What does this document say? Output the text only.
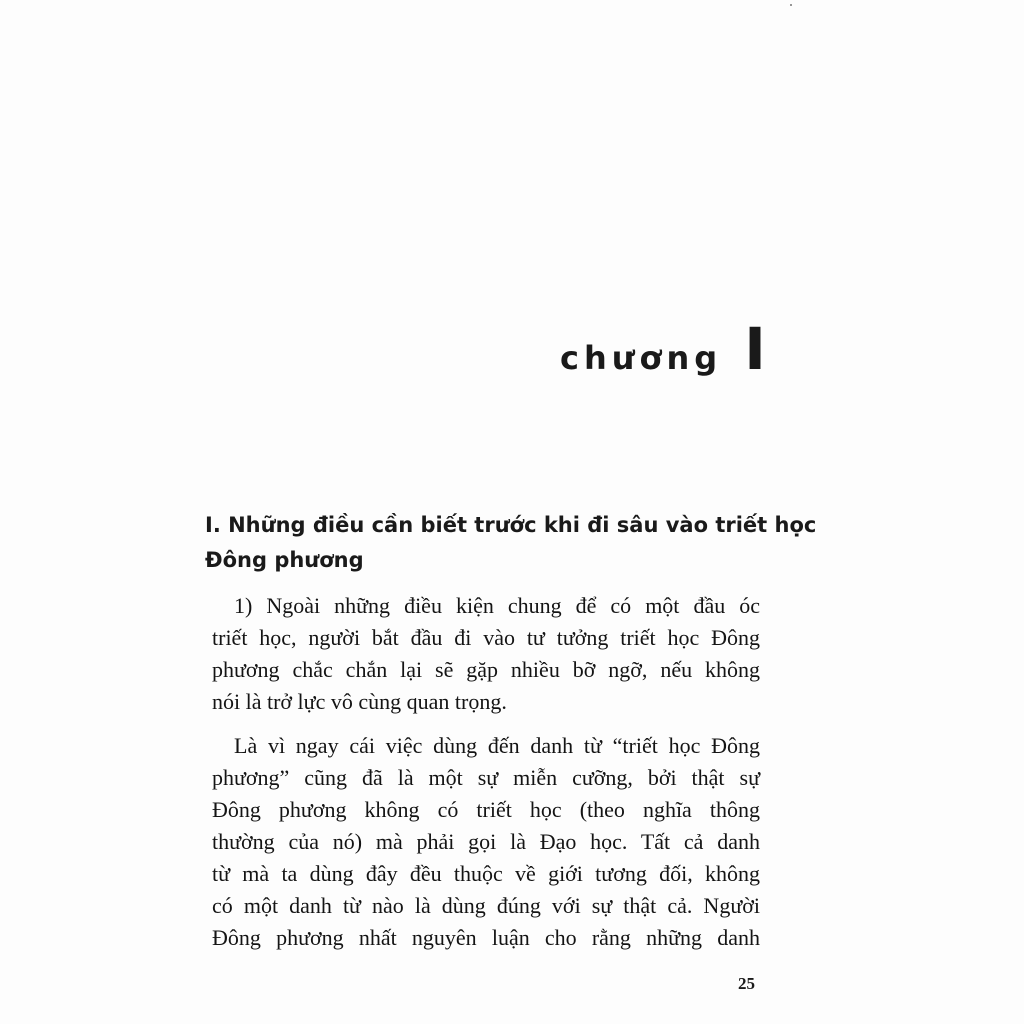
chương I
I. Những điều cần biết trước khi đi sâu vào triết học
Đông phương
1) Ngoài những điều kiện chung để có một đầu óc
triết học, người bắt đầu đi vào tư tưởng triết học Đông
phương chắc chắn lại sẽ gặp nhiều bỡ ngỡ, nếu không
nói là trở lực vô cùng quan trọng.
Là vì ngay cái việc dùng đến danh từ “triết học Đông
phương” cũng đã là một sự miễn cưỡng, bởi thật sự
Đông phương không có triết học (theo nghĩa thông
thường của nó) mà phải gọi là Đạo học. Tất cả danh
từ mà ta dùng đây đều thuộc về giới tương đối, không
có một danh từ nào là dùng đúng với sự thật cả. Người
Đông phương nhất nguyên luận cho rằng những danh
25
